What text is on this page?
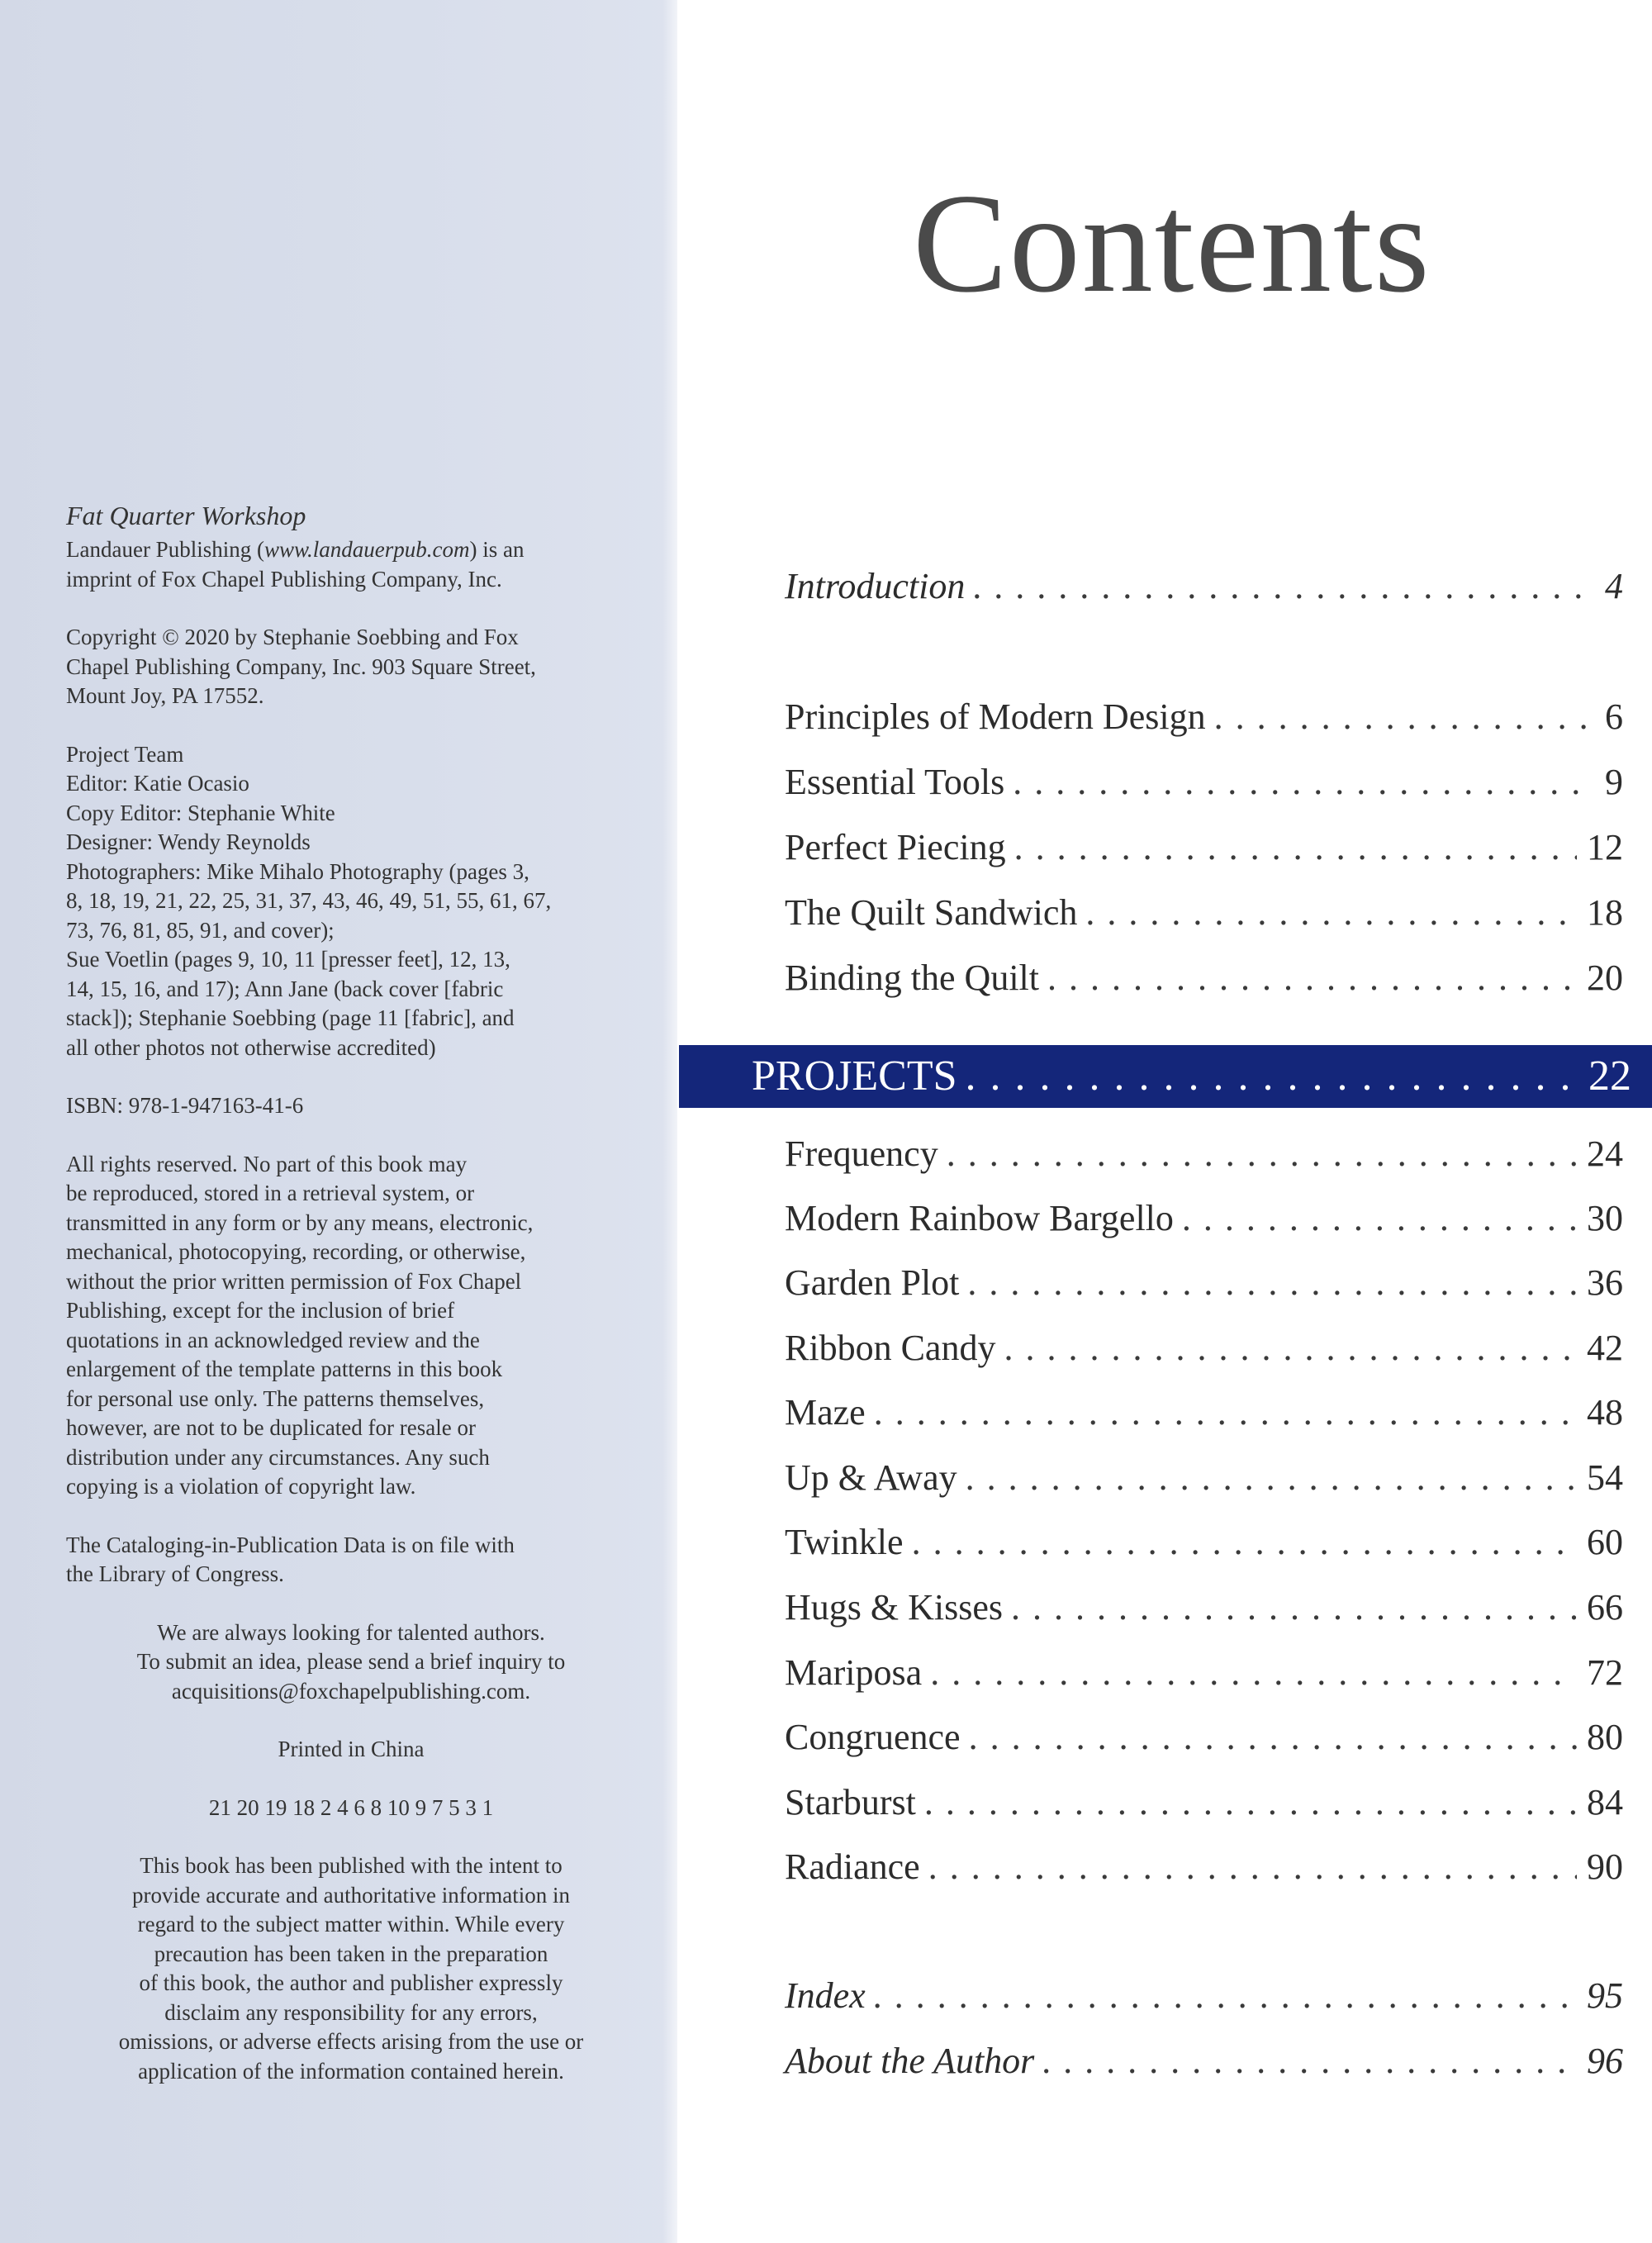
Fat Quarter Workshop
Landauer Publishing (www.landauerpub.com) is an
imprint of Fox Chapel Publishing Company, Inc.

Copyright © 2020 by Stephanie Soebbing and Fox
Chapel Publishing Company, Inc. 903 Square Street,
Mount Joy, PA 17552.

Project Team
Editor: Katie Ocasio
Copy Editor: Stephanie White
Designer: Wendy Reynolds
Photographers: Mike Mihalo Photography (pages 3,
8, 18, 19, 21, 22, 25, 31, 37, 43, 46, 49, 51, 55, 61, 67,
73, 76, 81, 85, 91, and cover);
Sue Voetlin (pages 9, 10, 11 [presser feet], 12, 13,
14, 15, 16, and 17); Ann Jane (back cover [fabric
stack]); Stephanie Soebbing (page 11 [fabric], and
all other photos not otherwise accredited)

ISBN: 978-1-947163-41-6

All rights reserved. No part of this book may
be reproduced, stored in a retrieval system, or
transmitted in any form or by any means, electronic,
mechanical, photocopying, recording, or otherwise,
without the prior written permission of Fox Chapel
Publishing, except for the inclusion of brief
quotations in an acknowledged review and the
enlargement of the template patterns in this book
for personal use only. The patterns themselves,
however, are not to be duplicated for resale or
distribution under any circumstances. Any such
copying is a violation of copyright law.

The Cataloging-in-Publication Data is on file with
the Library of Congress.

We are always looking for talented authors.
To submit an idea, please send a brief inquiry to
acquisitions@foxchapelpublishing.com.

Printed in China

21 20 19 18 2 4 6 8 10 9 7 5 3 1

This book has been published with the intent to
provide accurate and authoritative information in
regard to the subject matter within. While every
precaution has been taken in the preparation
of this book, the author and publisher expressly
disclaim any responsibility for any errors,
omissions, or adverse effects arising from the use or
application of the information contained herein.

Contents
Introduction . . .	4
Principles of Modern Design . . .	6
Essential Tools . . .	9
Perfect Piecing . . .	12
The Quilt Sandwich . . .	18
Binding the Quilt . . .	20
PROJECTS . . .	22
Frequency . . .	24
Modern Rainbow Bargello . . .	30
Garden Plot . . .	36
Ribbon Candy . . .	42
Maze . . .	48
Up & Away . . .	54
Twinkle . . .	60
Hugs & Kisses . . .	66
Mariposa . . .	72
Congruence . . .	80
Starburst . . .	84
Radiance . . .	90
Index . . .	95
About the Author . . .	96
